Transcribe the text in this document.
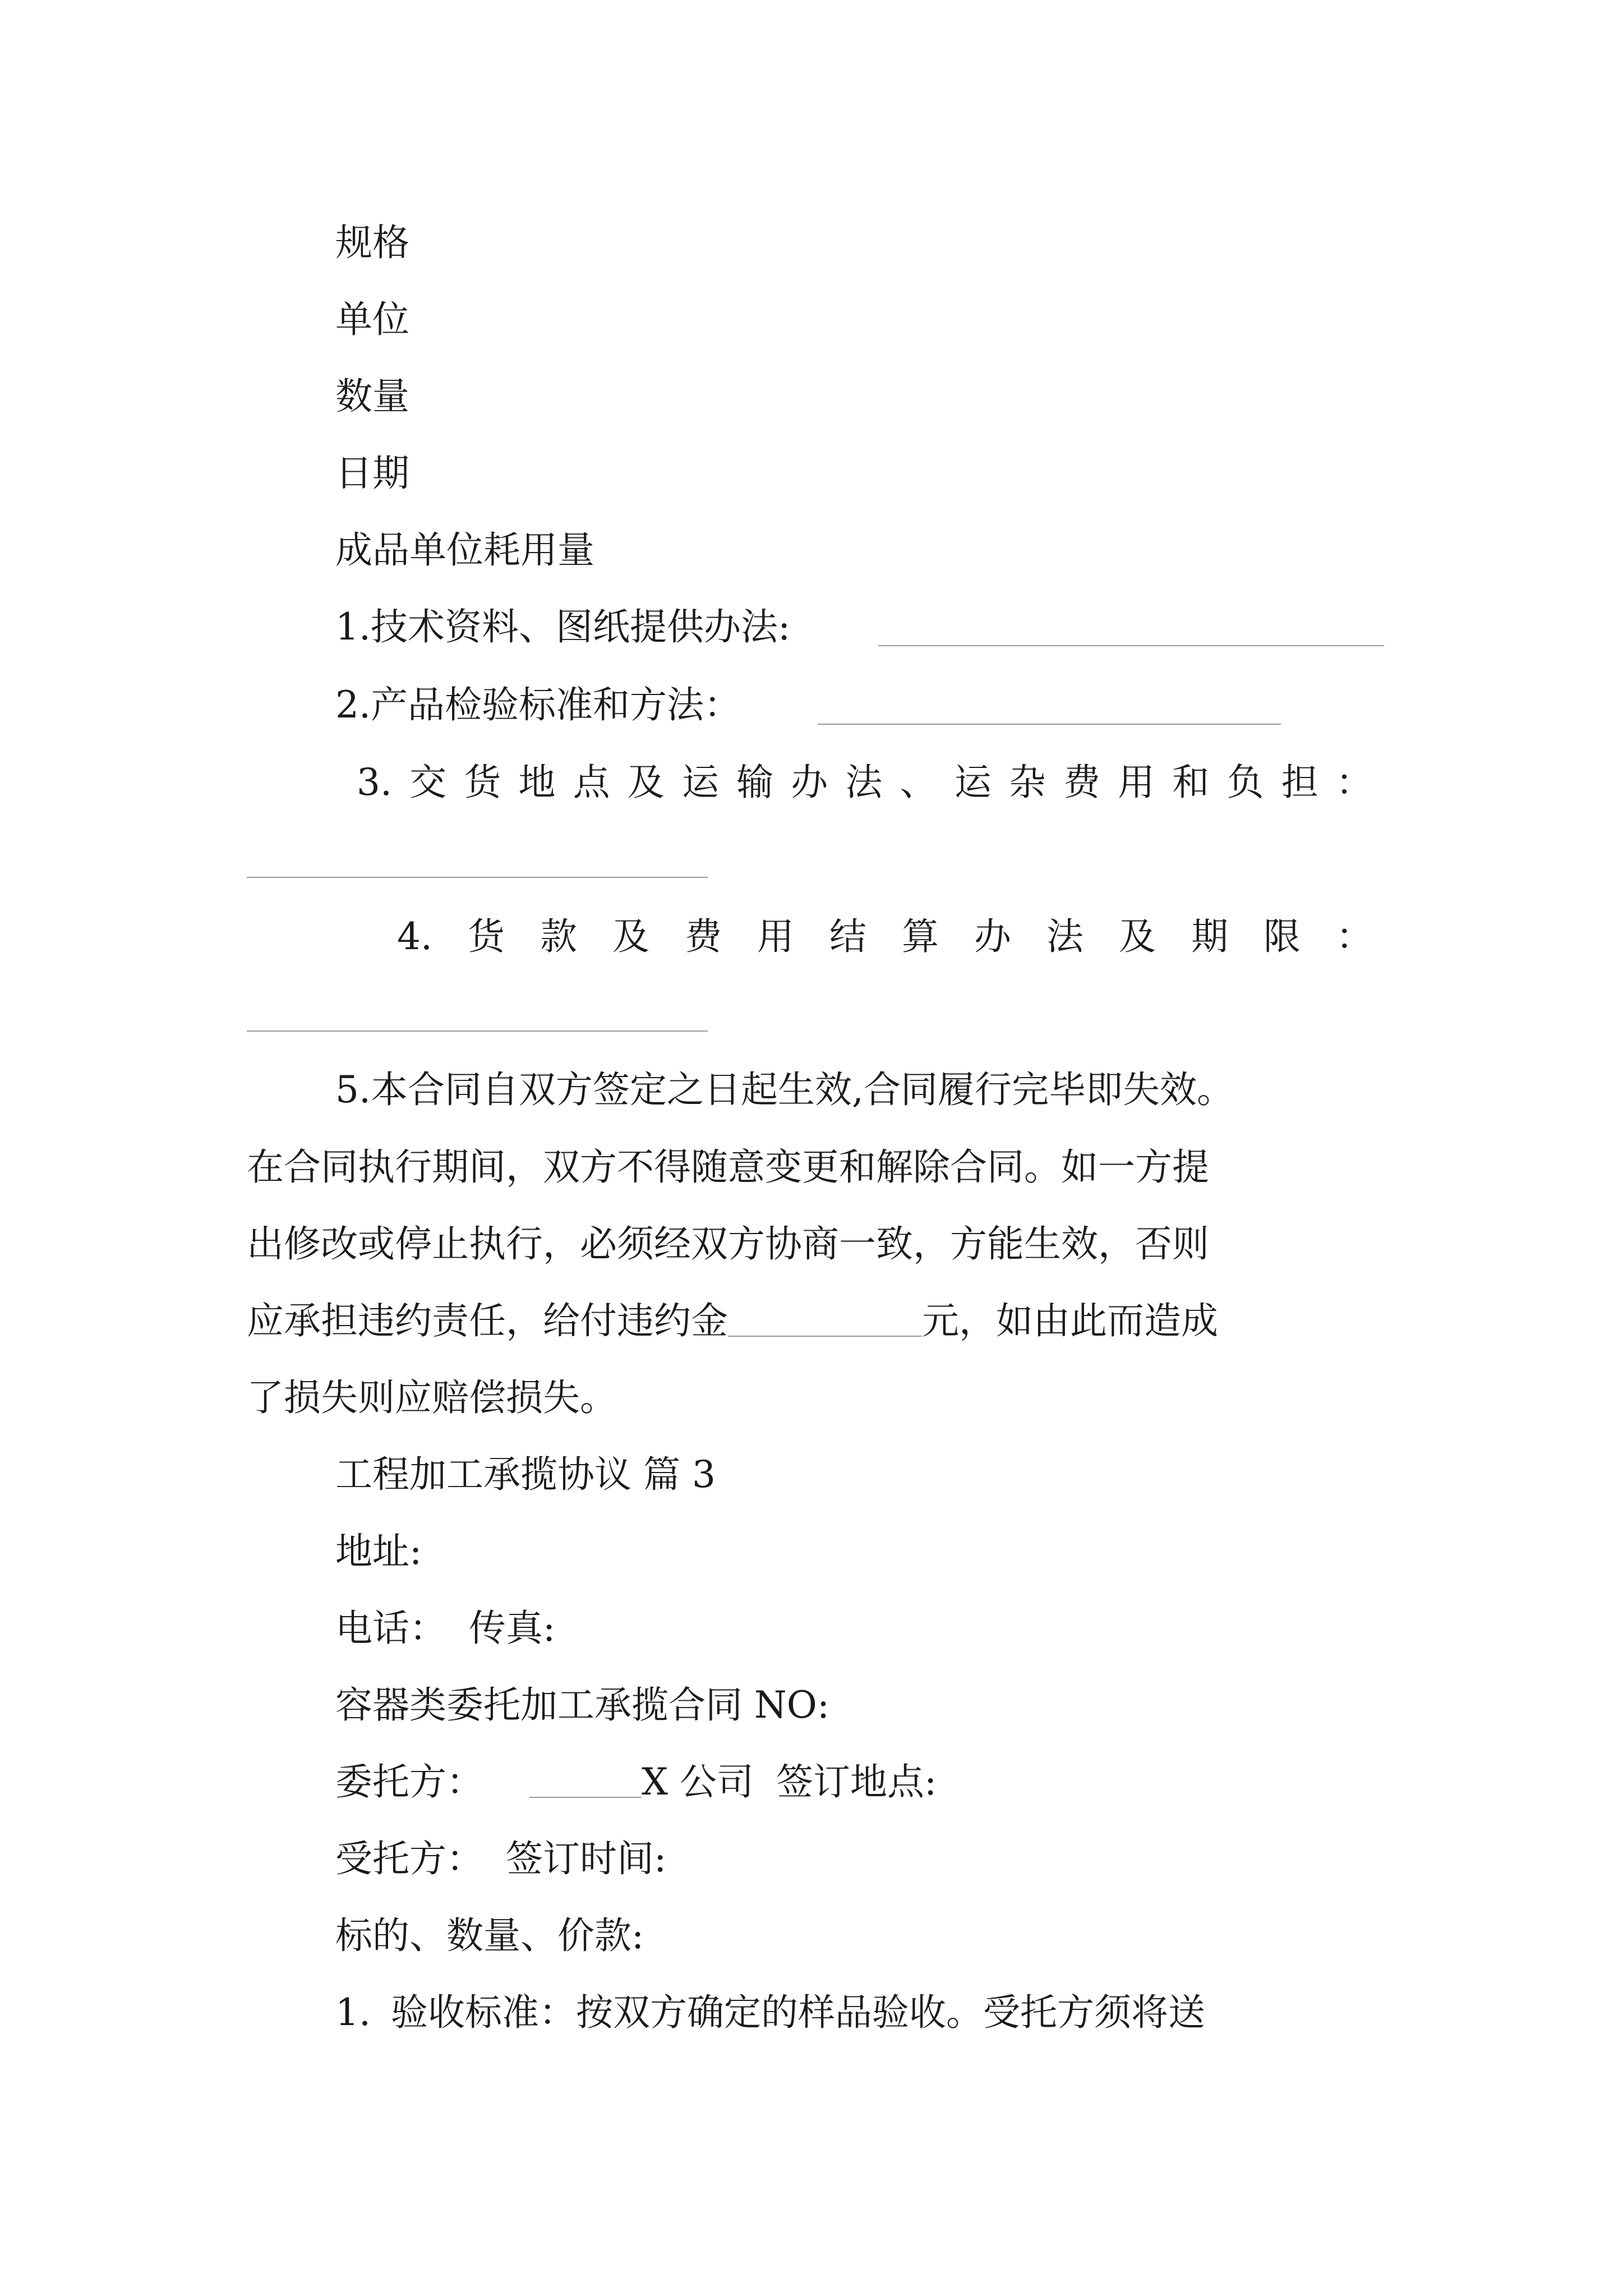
规格

单位

数量

日期

成品单位耗用量

1.技术资料、图纸提供办法:

2.产品检验标准和方法：

3. 交 货 地 点 及 运 输 办 法 、 运 杂 费 用 和 负 担 ：
4. 货 款 及 费 用 结 算 办 法 及 期 限 ：

5.本合同自双方签定之日起生效,合同履行完毕即失效。

在合同执行期间，双方不得随意变更和解除合同。如一方提

出修改或停止执行，必须经双方协商一致，方能生效，否则

应承担违约责任，给付违约金	元，如由此而造成

了损失则应赔偿损失。

工程加工承揽协议 篇 3

地址:

电话： 传真:

容器类委托加工承揽合同 NO:

委托方：	X 公司 签订地点:

受托方： 签订时间:

标的、数量、价款:

1. 验收标准：按双方确定的样品验收。受托方须将送
